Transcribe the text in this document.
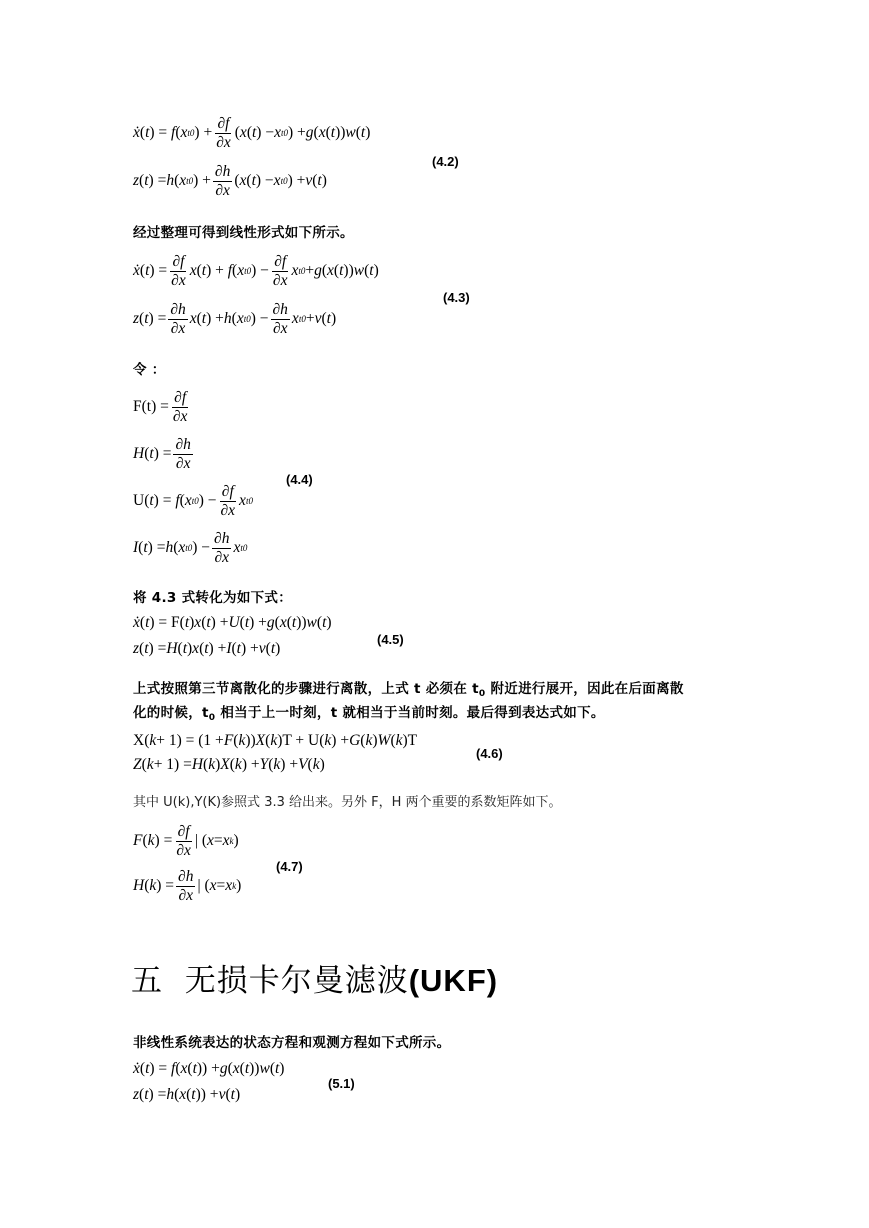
ẋ ( t ) = f ( x t0 ) + $\frac{\partial f}{\partial x}$ ( x ( t ) − x t0 ) + g ( x ( t )) w ( t )
z ( t ) = h ( x t0 ) + $\frac{\partial h}{\partial x}$ ( x ( t ) − x t0 ) + v ( t )
(4.2)
经过整理可得到线性形式如下所示。
ẋ ( t ) = $\frac{\partial f}{\partial x}$ x ( t ) + f ( x t0 ) − $\frac{\partial f}{\partial x}$ x t0 + g ( x ( t )) w ( t )
z ( t ) = $\frac{\partial h}{\partial x}$ x ( t ) + h ( x t0 ) − $\frac{\partial h}{\partial x}$ x t0 + v ( t )
(4.3)
令 ：
$F(t) = \frac{\partial f}{\partial x}$
H ( t ) = $\frac{\partial h}{\partial x}$
U( t ) = f ( x t0 ) − $\frac{\partial f}{\partial x}$ x t0
I ( t ) = h ( x t0 ) − $\frac{\partial h}{\partial x}$ x t0
(4.4)
将 4.3 式转化为如下式：
ẋ ( t ) = F( t ) x ( t ) + U ( t ) + g ( x ( t )) w ( t )
z ( t ) = H ( t ) x ( t ) + I ( t ) + v ( t )
(4.5)
上式按照第三节离散化的步骤进行离散，上式 t 必须在 $t_0$ 附近进行展开，因此在后面离散
化的时候，$t_0$ 相当于上一时刻，t 就相当于当前时刻。最后得到表达式如下。
X( k + 1) = (1 + F ( k )) X ( k )T + U( k ) + G ( k ) W ( k )T
Z ( k + 1) = H ( k ) X ( k ) + Y ( k ) + V ( k )
(4.6)
其中 U(k),Y(K)参照式 3.3 给出来。另外 F，H 两个重要的系数矩阵如下。
F ( k ) = $\frac{\partial f}{\partial x}$ | ( x = x k )
H ( k ) = $\frac{\partial h}{\partial x}$ | ( x = x k )
(4.7)
五 无损卡尔曼滤波(UKF)
非线性系统表达的状态方程和观测方程如下式所示。
ẋ ( t ) = f ( x ( t )) + g ( x ( t )) w ( t )
z ( t ) = h ( x ( t )) + v ( t )
(5.1)
